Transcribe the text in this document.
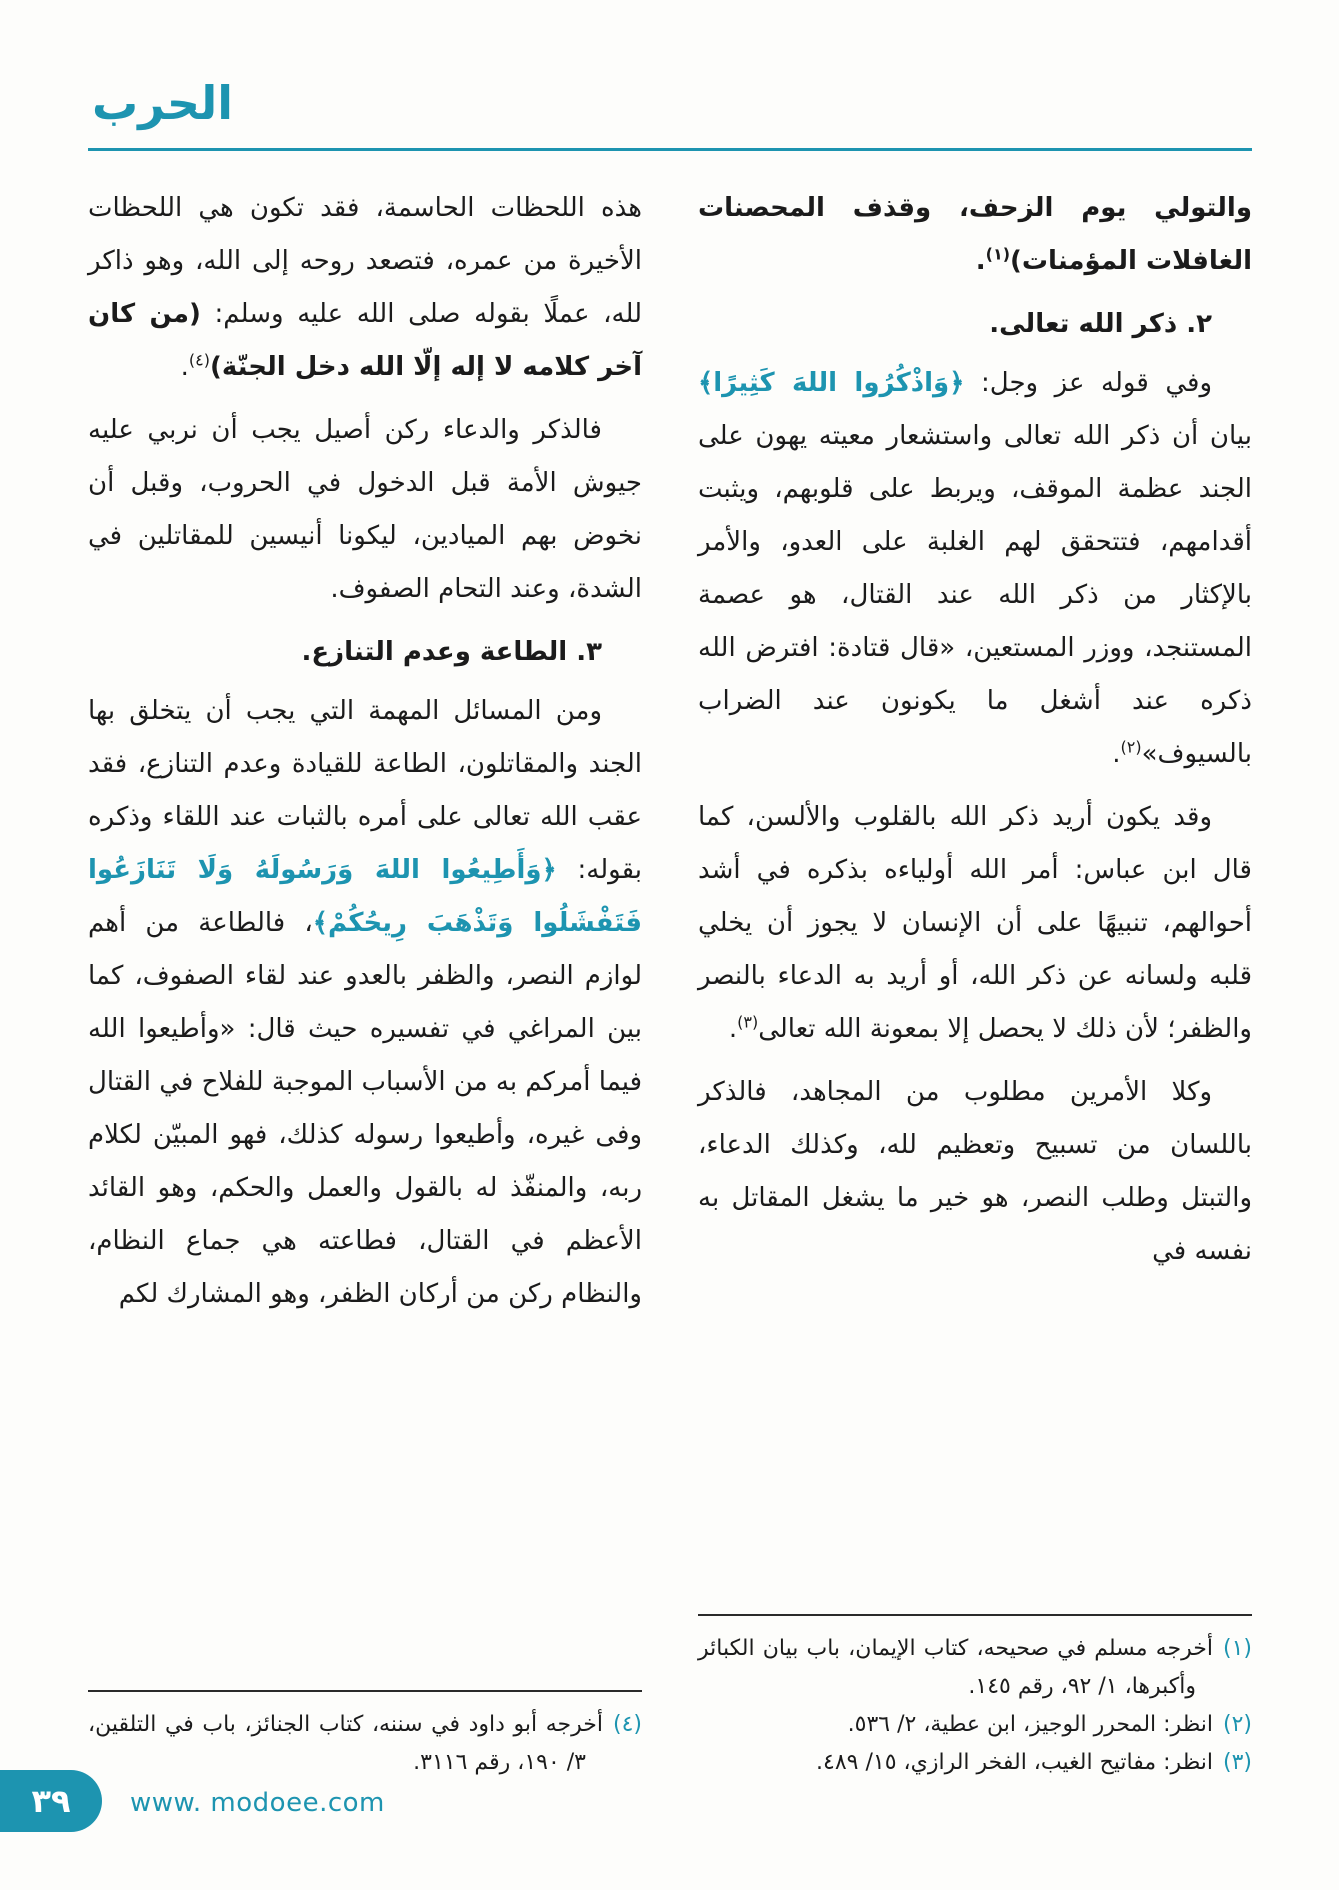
الحرب

والتولي يوم الزحف، وقذف المحصنات الغافلات المؤمنات)$^{(١)}$.

٢. ذكر الله تعالى.

وفي قوله عز وجل: ﴿وَاذْكُرُوا اللهَ كَثِيرًا﴾ بيان أن ذكر الله تعالى واستشعار معيته يهون على الجند عظمة الموقف، ويربط على قلوبهم، ويثبت أقدامهم، فتتحقق لهم الغلبة على العدو، والأمر بالإكثار من ذكر الله عند القتال، هو عصمة المستنجد، ووزر المستعين، «قال قتادة: افترض الله ذكره عند أشغل ما يكونون عند الضراب بالسيوف»$^{(٢)}$.

وقد يكون أريد ذكر الله بالقلوب والألسن، كما قال ابن عباس: أمر الله أولياءه بذكره في أشد أحوالهم، تنبيهًا على أن الإنسان لا يجوز أن يخلي قلبه ولسانه عن ذكر الله، أو أريد به الدعاء بالنصر والظفر؛ لأن ذلك لا يحصل إلا بمعونة الله تعالى$^{(٣)}$.

وكلا الأمرين مطلوب من المجاهد، فالذكر باللسان من تسبيح وتعظيم لله، وكذلك الدعاء، والتبتل وطلب النصر، هو خير ما يشغل المقاتل به نفسه في

(١)أخرجه مسلم في صحيحه، كتاب الإيمان، باب بيان الكبائر وأكبرها، ١/ ٩٢، رقم ١٤٥.
(٢)انظر: المحرر الوجيز، ابن عطية، ٢/ ٥٣٦.
(٣)انظر: مفاتيح الغيب، الفخر الرازي، ١٥/ ٤٨٩.

هذه اللحظات الحاسمة، فقد تكون هي اللحظات الأخيرة من عمره، فتصعد روحه إلى الله، وهو ذاكر لله، عملًا بقوله صلى الله عليه وسلم: (من كان آخر كلامه لا إله إلّا الله دخل الجنّة)$^{(٤)}$.

فالذكر والدعاء ركن أصيل يجب أن نربي عليه جيوش الأمة قبل الدخول في الحروب، وقبل أن نخوض بهم الميادين، ليكونا أنيسين للمقاتلين في الشدة، وعند التحام الصفوف.

٣. الطاعة وعدم التنازع.

ومن المسائل المهمة التي يجب أن يتخلق بها الجند والمقاتلون، الطاعة للقيادة وعدم التنازع، فقد عقب الله تعالى على أمره بالثبات عند اللقاء وذكره بقوله: ﴿وَأَطِيعُوا اللهَ وَرَسُولَهُ وَلَا تَنَازَعُوا فَتَفْشَلُوا وَتَذْهَبَ رِيحُكُمْ﴾، فالطاعة من أهم لوازم النصر، والظفر بالعدو عند لقاء الصفوف، كما بين المراغي في تفسيره حيث قال: «وأطيعوا الله فيما أمركم به من الأسباب الموجبة للفلاح في القتال وفى غيره، وأطيعوا رسوله كذلك، فهو المبيّن لكلام ربه، والمنفّذ له بالقول والعمل والحكم، وهو القائد الأعظم في القتال، فطاعته هي جماع النظام، والنظام ركن من أركان الظفر، وهو المشارك لكم

(٤)أخرجه أبو داود في سننه، كتاب الجنائز، باب في التلقين، ٣/ ١٩٠، رقم ٣١١٦.
٣٩ www. modoee.com
